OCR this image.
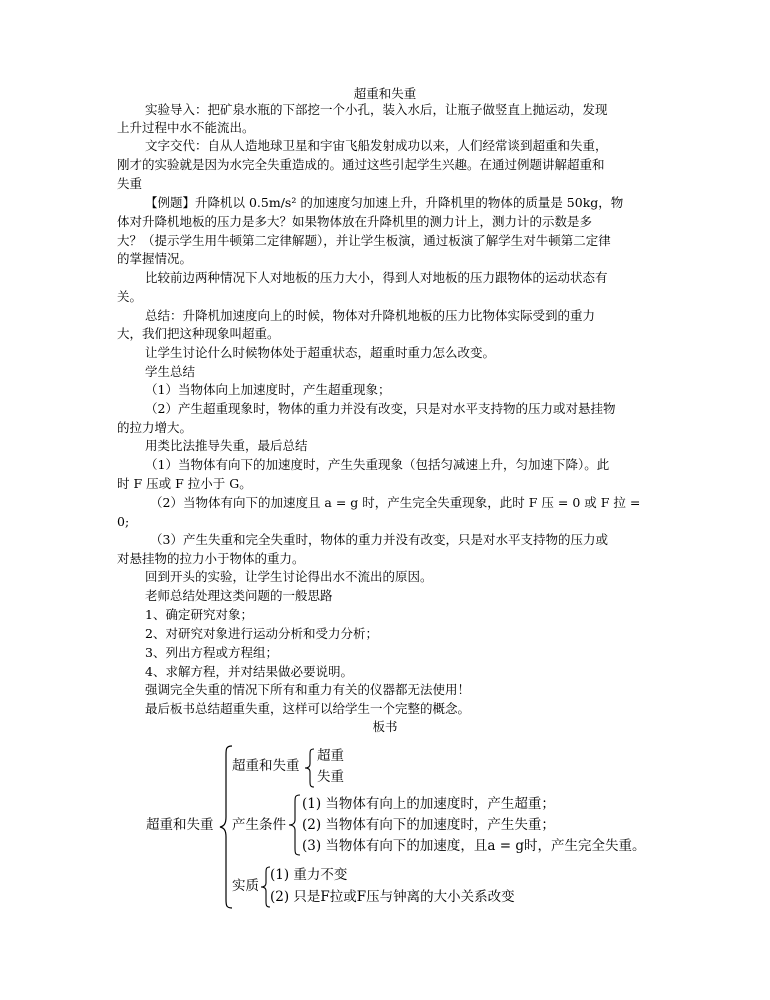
超重和失重
实验导入：把矿泉水瓶的下部挖一个小孔，装入水后，让瓶子做竖直上抛运动，发现
上升过程中水不能流出。
文字交代：自从人造地球卫星和宇宙飞船发射成功以来，人们经常谈到超重和失重，
刚才的实验就是因为水完全失重造成的。通过这些引起学生兴趣。在通过例题讲解超重和
失重
【例题】升降机以 0.5m/s² 的加速度匀加速上升，升降机里的物体的质量是 50kg，物
体对升降机地板的压力是多大？如果物体放在升降机里的测力计上，测力计的示数是多
大？（提示学生用牛顿第二定律解题），并让学生板演，通过板演了解学生对牛顿第二定律
的掌握情况。
比较前边两种情况下人对地板的压力大小，得到人对地板的压力跟物体的运动状态有
关。
总结：升降机加速度向上的时候，物体对升降机地板的压力比物体实际受到的重力
大，我们把这种现象叫超重。
让学生讨论什么时候物体处于超重状态，超重时重力怎么改变。
学生总结
（1）当物体向上加速度时，产生超重现象；
（2）产生超重现象时，物体的重力并没有改变，只是对水平支持物的压力或对悬挂物
的拉力增大。
用类比法推导失重，最后总结
（1）当物体有向下的加速度时，产生失重现象（包括匀减速上升，匀加速下降）。此
时 F 压或 F 拉小于 G。
（2）当物体有向下的加速度且 a = g 时，产生完全失重现象，此时 F 压 = 0 或 F 拉 =
0;
（3）产生失重和完全失重时，物体的重力并没有改变，只是对水平支持物的压力或
对悬挂物的拉力小于物体的重力。
回到开头的实验，让学生讨论得出水不流出的原因。
老师总结处理这类问题的一般思路
1、确定研究对象；
2、对研究对象进行运动分析和受力分析；
3、列出方程或方程组；
4、求解方程，并对结果做必要说明。
强调完全失重的情况下所有和重力有关的仪器都无法使用！
最后板书总结超重失重，这样可以给学生一个完整的概念。
板书
超重和失重
超重和失重
超重
失重
产生条件
(1) 当物体有向上的加速度时，产生超重；
(2) 当物体有向下的加速度时，产生失重；
(3) 当物体有向下的加速度，且a = g时，产生完全失重。
实质
(1) 重力不变
(2) 只是F拉或F压与钟离的大小关系改变
